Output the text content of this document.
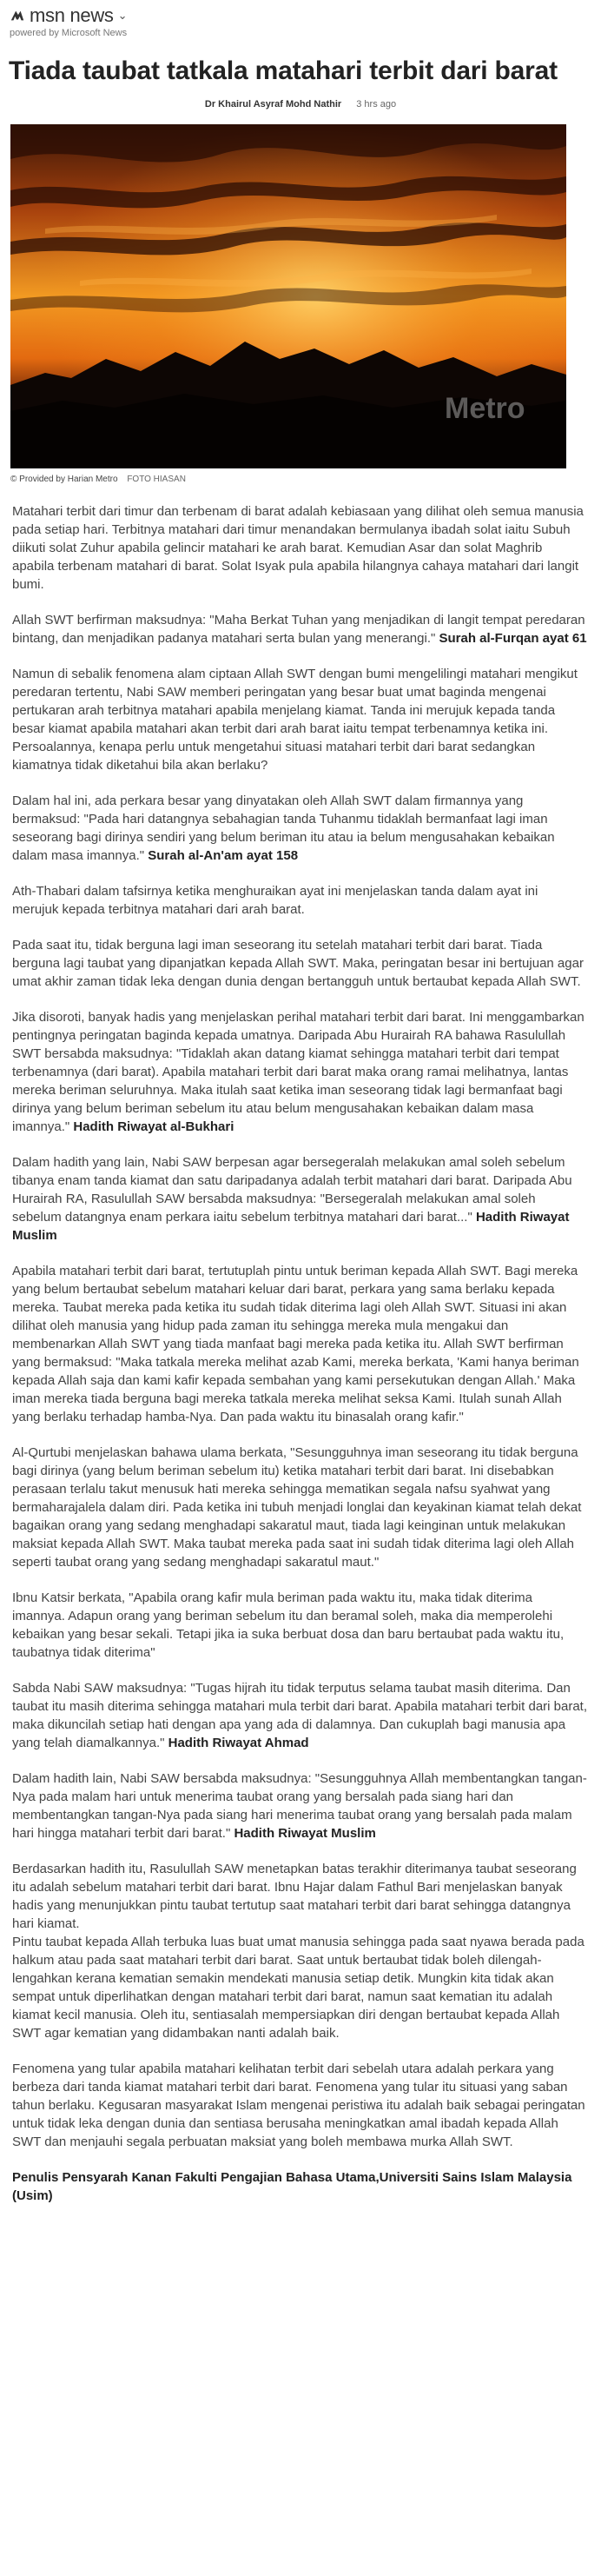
msn news ⌄
powered by Microsoft News
Tiada taubat tatkala matahari terbit dari barat
Dr Khairul Asyraf Mohd Nathir 3 hrs ago
Metro
© Provided by Harian Metro FOTO HIASAN

Matahari terbit dari timur dan terbenam di barat adalah kebiasaan yang dilihat oleh semua manusia pada setiap hari. Terbitnya matahari dari timur menandakan bermulanya ibadah solat iaitu Subuh diikuti solat Zuhur apabila gelincir matahari ke arah barat. Kemudian Asar dan solat Maghrib apabila terbenam matahari di barat. Solat Isyak pula apabila hilangnya cahaya matahari dari langit bumi.

Allah SWT berfirman maksudnya: "Maha Berkat Tuhan yang menjadikan di langit tempat peredaran bintang, dan menjadikan padanya matahari serta bulan yang menerangi." Surah al-Furqan ayat 61

Namun di sebalik fenomena alam ciptaan Allah SWT dengan bumi mengelilingi matahari mengikut peredaran tertentu, Nabi SAW memberi peringatan yang besar buat umat baginda mengenai pertukaran arah terbitnya matahari apabila menjelang kiamat. Tanda ini merujuk kepada tanda besar kiamat apabila matahari akan terbit dari arah barat iaitu tempat terbenamnya ketika ini.

Persoalannya, kenapa perlu untuk mengetahui situasi matahari terbit dari barat sedangkan kiamatnya tidak diketahui bila akan berlaku?

Dalam hal ini, ada perkara besar yang dinyatakan oleh Allah SWT dalam firmannya yang bermaksud: "Pada hari datangnya sebahagian tanda Tuhanmu tidaklah bermanfaat lagi iman seseorang bagi dirinya sendiri yang belum beriman itu atau ia belum mengusahakan kebaikan dalam masa imannya." Surah al-An'am ayat 158

Ath-Thabari dalam tafsirnya ketika menghuraikan ayat ini menjelaskan tanda dalam ayat ini merujuk kepada terbitnya matahari dari arah barat.

Pada saat itu, tidak berguna lagi iman seseorang itu setelah matahari terbit dari barat. Tiada berguna lagi taubat yang dipanjatkan kepada Allah SWT. Maka, peringatan besar ini bertujuan agar umat akhir zaman tidak leka dengan dunia dengan bertangguh untuk bertaubat kepada Allah SWT.

Jika disoroti, banyak hadis yang menjelaskan perihal matahari terbit dari barat. Ini menggambarkan pentingnya peringatan baginda kepada umatnya. Daripada Abu Hurairah RA bahawa Rasulullah SWT bersabda maksudnya: "Tidaklah akan datang kiamat sehingga matahari terbit dari tempat terbenamnya (dari barat). Apabila matahari terbit dari barat maka orang ramai melihatnya, lantas mereka beriman seluruhnya. Maka itulah saat ketika iman seseorang tidak lagi bermanfaat bagi dirinya yang belum beriman sebelum itu atau belum mengusahakan kebaikan dalam masa imannya." Hadith Riwayat al-Bukhari

Dalam hadith yang lain, Nabi SAW berpesan agar bersegeralah melakukan amal soleh sebelum tibanya enam tanda kiamat dan satu daripadanya adalah terbit matahari dari barat. Daripada Abu Hurairah RA, Rasulullah SAW bersabda maksudnya: "Bersegeralah melakukan amal soleh sebelum datangnya enam perkara iaitu sebelum terbitnya matahari dari barat..." Hadith Riwayat Muslim

Apabila matahari terbit dari barat, tertutuplah pintu untuk beriman kepada Allah SWT. Bagi mereka yang belum bertaubat sebelum matahari keluar dari barat, perkara yang sama berlaku kepada mereka. Taubat mereka pada ketika itu sudah tidak diterima lagi oleh Allah SWT. Situasi ini akan dilihat oleh manusia yang hidup pada zaman itu sehingga mereka mula mengakui dan membenarkan Allah SWT yang tiada manfaat bagi mereka pada ketika itu. Allah SWT berfirman yang bermaksud: "Maka tatkala mereka melihat azab Kami, mereka berkata, 'Kami hanya beriman kepada Allah saja dan kami kafir kepada sembahan yang kami persekutukan dengan Allah.' Maka iman mereka tiada berguna bagi mereka tatkala mereka melihat seksa Kami. Itulah sunah Allah yang berlaku terhadap hamba-Nya. Dan pada waktu itu binasalah orang kafir."

Al-Qurtubi menjelaskan bahawa ulama berkata, "Sesungguhnya iman seseorang itu tidak berguna bagi dirinya (yang belum beriman sebelum itu) ketika matahari terbit dari barat. Ini disebabkan perasaan terlalu takut menusuk hati mereka sehingga mematikan segala nafsu syahwat yang bermaharajalela dalam diri. Pada ketika ini tubuh menjadi longlai dan keyakinan kiamat telah dekat bagaikan orang yang sedang menghadapi sakaratul maut, tiada lagi keinginan untuk melakukan maksiat kepada Allah SWT. Maka taubat mereka pada saat ini sudah tidak diterima lagi oleh Allah seperti taubat orang yang sedang menghadapi sakaratul maut."

Ibnu Katsir berkata, "Apabila orang kafir mula beriman pada waktu itu, maka tidak diterima imannya. Adapun orang yang beriman sebelum itu dan beramal soleh, maka dia memperolehi kebaikan yang besar sekali. Tetapi jika ia suka berbuat dosa dan baru bertaubat pada waktu itu, taubatnya tidak diterima"

Sabda Nabi SAW maksudnya: "Tugas hijrah itu tidak terputus selama taubat masih diterima. Dan taubat itu masih diterima sehingga matahari mula terbit dari barat. Apabila matahari terbit dari barat, maka dikuncilah setiap hati dengan apa yang ada di dalamnya. Dan cukuplah bagi manusia apa yang telah diamalkannya." Hadith Riwayat Ahmad

Dalam hadith lain, Nabi SAW bersabda maksudnya: "Sesungguhnya Allah membentangkan tangan-Nya pada malam hari untuk menerima taubat orang yang bersalah pada siang hari dan membentangkan tangan-Nya pada siang hari menerima taubat orang yang bersalah pada malam hari hingga matahari terbit dari barat." Hadith Riwayat Muslim

Berdasarkan hadith itu, Rasulullah SAW menetapkan batas terakhir diterimanya taubat seseorang itu adalah sebelum matahari terbit dari barat. Ibnu Hajar dalam Fathul Bari menjelaskan banyak hadis yang menunjukkan pintu taubat tertutup saat matahari terbit dari barat sehingga datangnya hari kiamat.

Pintu taubat kepada Allah terbuka luas buat umat manusia sehingga pada saat nyawa berada pada halkum atau pada saat matahari terbit dari barat. Saat untuk bertaubat tidak boleh dilengah-lengahkan kerana kematian semakin mendekati manusia setiap detik. Mungkin kita tidak akan sempat untuk diperlihatkan dengan matahari terbit dari barat, namun saat kematian itu adalah kiamat kecil manusia. Oleh itu, sentiasalah mempersiapkan diri dengan bertaubat kepada Allah SWT agar kematian yang didambakan nanti adalah baik.

Fenomena yang tular apabila matahari kelihatan terbit dari sebelah utara adalah perkara yang berbeza dari tanda kiamat matahari terbit dari barat. Fenomena yang tular itu situasi yang saban tahun berlaku. Kegusaran masyarakat Islam mengenai peristiwa itu adalah baik sebagai peringatan untuk tidak leka dengan dunia dan sentiasa berusaha meningkatkan amal ibadah kepada Allah SWT dan menjauhi segala perbuatan maksiat yang boleh membawa murka Allah SWT.

Penulis Pensyarah Kanan Fakulti Pengajian Bahasa Utama,Universiti Sains Islam Malaysia (Usim)
